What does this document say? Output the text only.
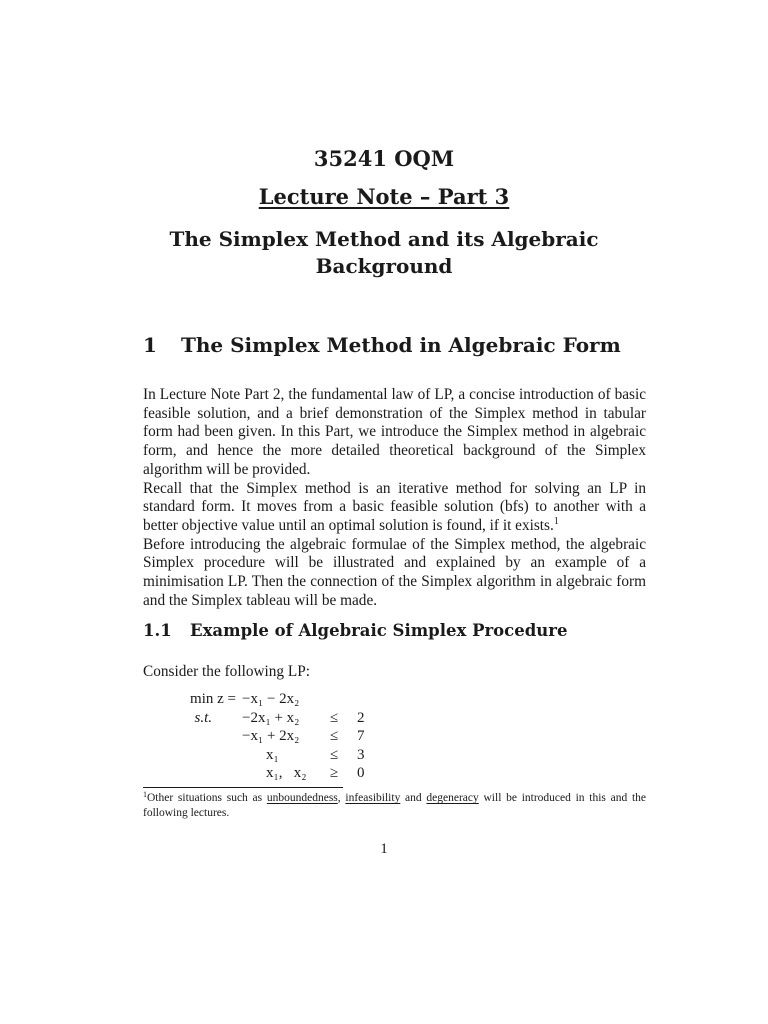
35241 OQM
Lecture Note – Part 3
The Simplex Method and its Algebraic
Background
1 The Simplex Method in Algebraic Form

In Lecture Note Part 2, the fundamental law of LP, a concise introduction of basic feasible solution, and a brief demonstration of the Simplex method in tabular form had been given. In this Part, we introduce the Simplex method in algebraic form, and hence the more detailed theoretical background of the Simplex algorithm will be provided.

Recall that the Simplex method is an iterative method for solving an LP in standard form. It moves from a basic feasible solution (bfs) to another with a better objective value until an optimal solution is found, if it exists.$^1$

Before introducing the algebraic formulae of the Simplex method, the algebraic Simplex procedure will be illustrated and explained by an example of a minimisation LP. Then the connection of the Simplex algorithm in algebraic form and the Simplex tableau will be made.

1.1 Example of Algebraic Simplex Procedure
Consider the following LP:
min z = −x₁ − 2x₂
s.t. −2x₁ + x₂ ≤ 2
−x₁ + 2x₂ ≤ 7
x₁	≤ 3
x₁,   x₂ ≥ 0
$^1$Other situations such as unboundedness, infeasibility and degeneracy will be introduced in this and the following lectures.
1
